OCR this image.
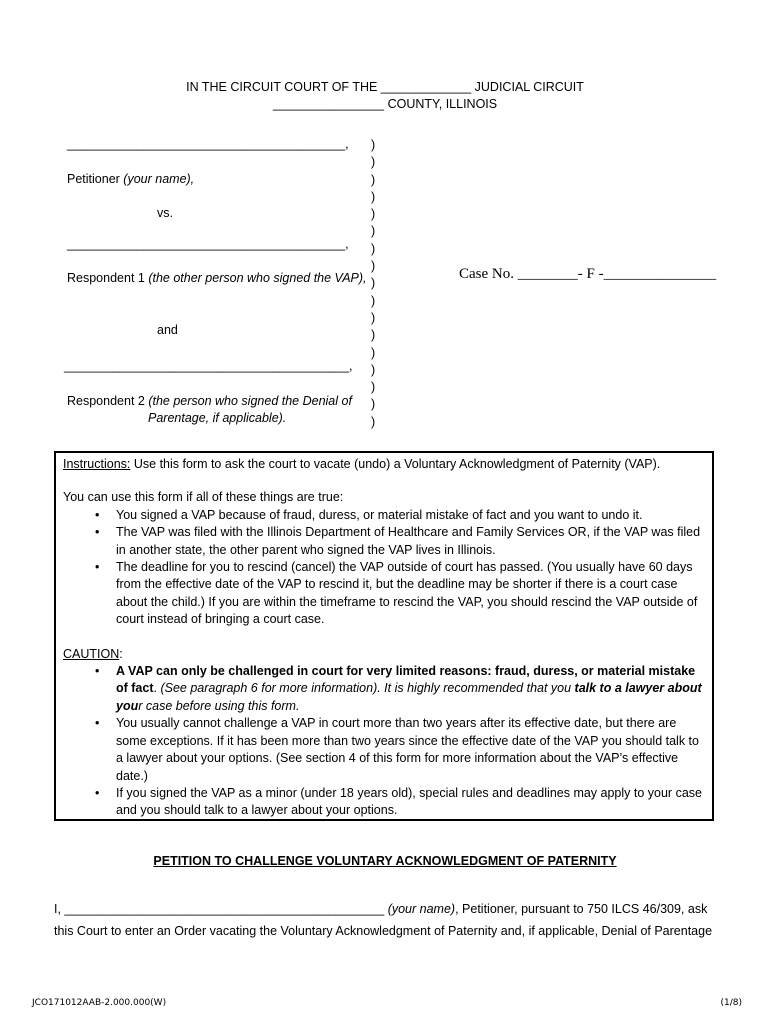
IN THE CIRCUIT COURT OF THE _____________ JUDICIAL CIRCUIT
________________ COUNTY, ILLINOIS
________________________________________,
Petitioner (your name),
vs.
________________________________________,
Respondent 1 (the other person who signed the VAP),
and
_________________________________________,
Respondent 2 (the person who signed the Denial of
Parentage, if applicable).
)
)
)
)
)
)
)
)
)
)
)
)
)
)
)
)
)
Case No. ________- F -_______________

Instructions: Use this form to ask the court to vacate (undo) a Voluntary Acknowledgment of Paternity (VAP).

You can use this form if all of these things are true:

• You signed a VAP because of fraud, duress, or material mistake of fact and you want to undo it.
• The VAP was filed with the Illinois Department of Healthcare and Family Services OR, if the VAP was filed in another state, the other parent who signed the VAP lives in Illinois.
• The deadline for you to rescind (cancel) the VAP outside of court has passed. (You usually have 60 days from the effective date of the VAP to rescind it, but the deadline may be shorter if there is a court case about the child.) If you are within the timeframe to rescind the VAP, you should rescind the VAP outside of court instead of bringing a court case.

CAUTION:

• A VAP can only be challenged in court for very limited reasons: fraud, duress, or material mistake of fact. (See paragraph 6 for more information). It is highly recommended that you talk to a lawyer about your case before using this form.
• You usually cannot challenge a VAP in court more than two years after its effective date, but there are some exceptions. If it has been more than two years since the effective date of the VAP you should talk to a lawyer about your options. (See section 4 of this form for more information about the VAP’s effective date.)
• If you signed the VAP as a minor (under 18 years old), special rules and deadlines may apply to your case and you should talk to a lawyer about your options.
PETITION TO CHALLENGE VOLUNTARY ACKNOWLEDGMENT OF PATERNITY
I, ______________________________________________ (your name), Petitioner, pursuant to 750 ILCS 46/309, ask
this Court to enter an Order vacating the Voluntary Acknowledgment of Paternity and, if applicable, Denial of Parentage
JCO171012AAB-2.000.000(W)	(1/8)
